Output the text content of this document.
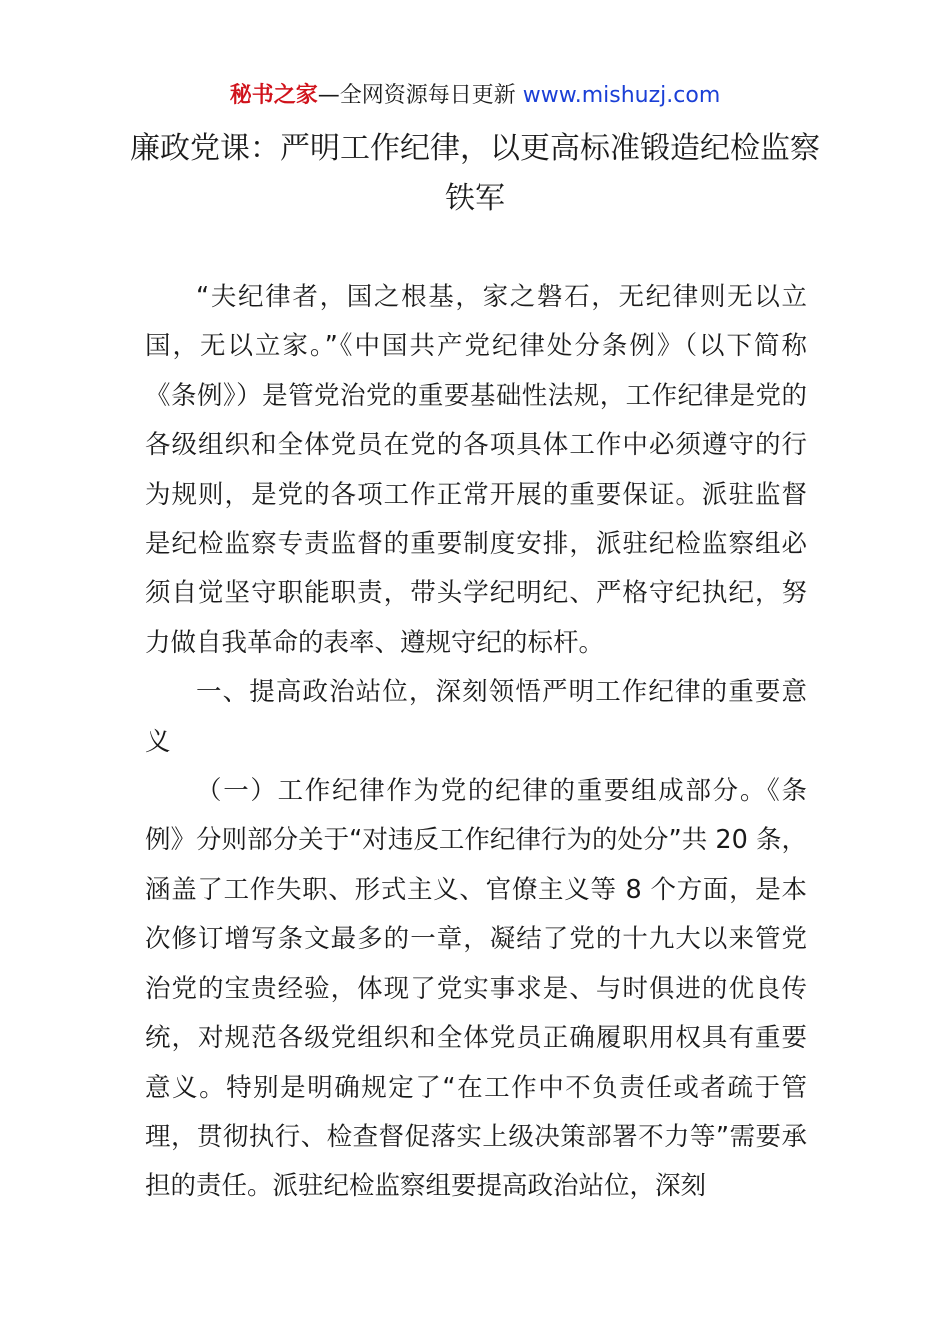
秘书之家—全网资源每日更新 www.mishuzj.com
廉政党课：严明工作纪律，以更高标准锻造纪检监察铁军

“夫纪律者，国之根基，家之磐石，无纪律则无以立国，无以立家。”《中国共产党纪律处分条例》（以下简称《条例》）是管党治党的重要基础性法规，工作纪律是党的各级组织和全体党员在党的各项具体工作中必须遵守的行为规则，是党的各项工作正常开展的重要保证。派驻监督是纪检监察专责监督的重要制度安排，派驻纪检监察组必须自觉坚守职能职责，带头学纪明纪、严格守纪执纪，努力做自我革命的表率、遵规守纪的标杆。

一、提高政治站位，深刻领悟严明工作纪律的重要意义

（一）工作纪律作为党的纪律的重要组成部分。《条例》分则部分关于“对违反工作纪律行为的处分”共 20 条，涵盖了工作失职、形式主义、官僚主义等 8 个方面，是本次修订增写条文最多的一章，凝结了党的十九大以来管党治党的宝贵经验，体现了党实事求是、与时俱进的优良传统，对规范各级党组织和全体党员正确履职用权具有重要意义。特别是明确规定了“在工作中不负责任或者疏于管理，贯彻执行、检查督促落实上级决策部署不力等”需要承担的责任。派驻纪检监察组要提高政治站位，深刻
